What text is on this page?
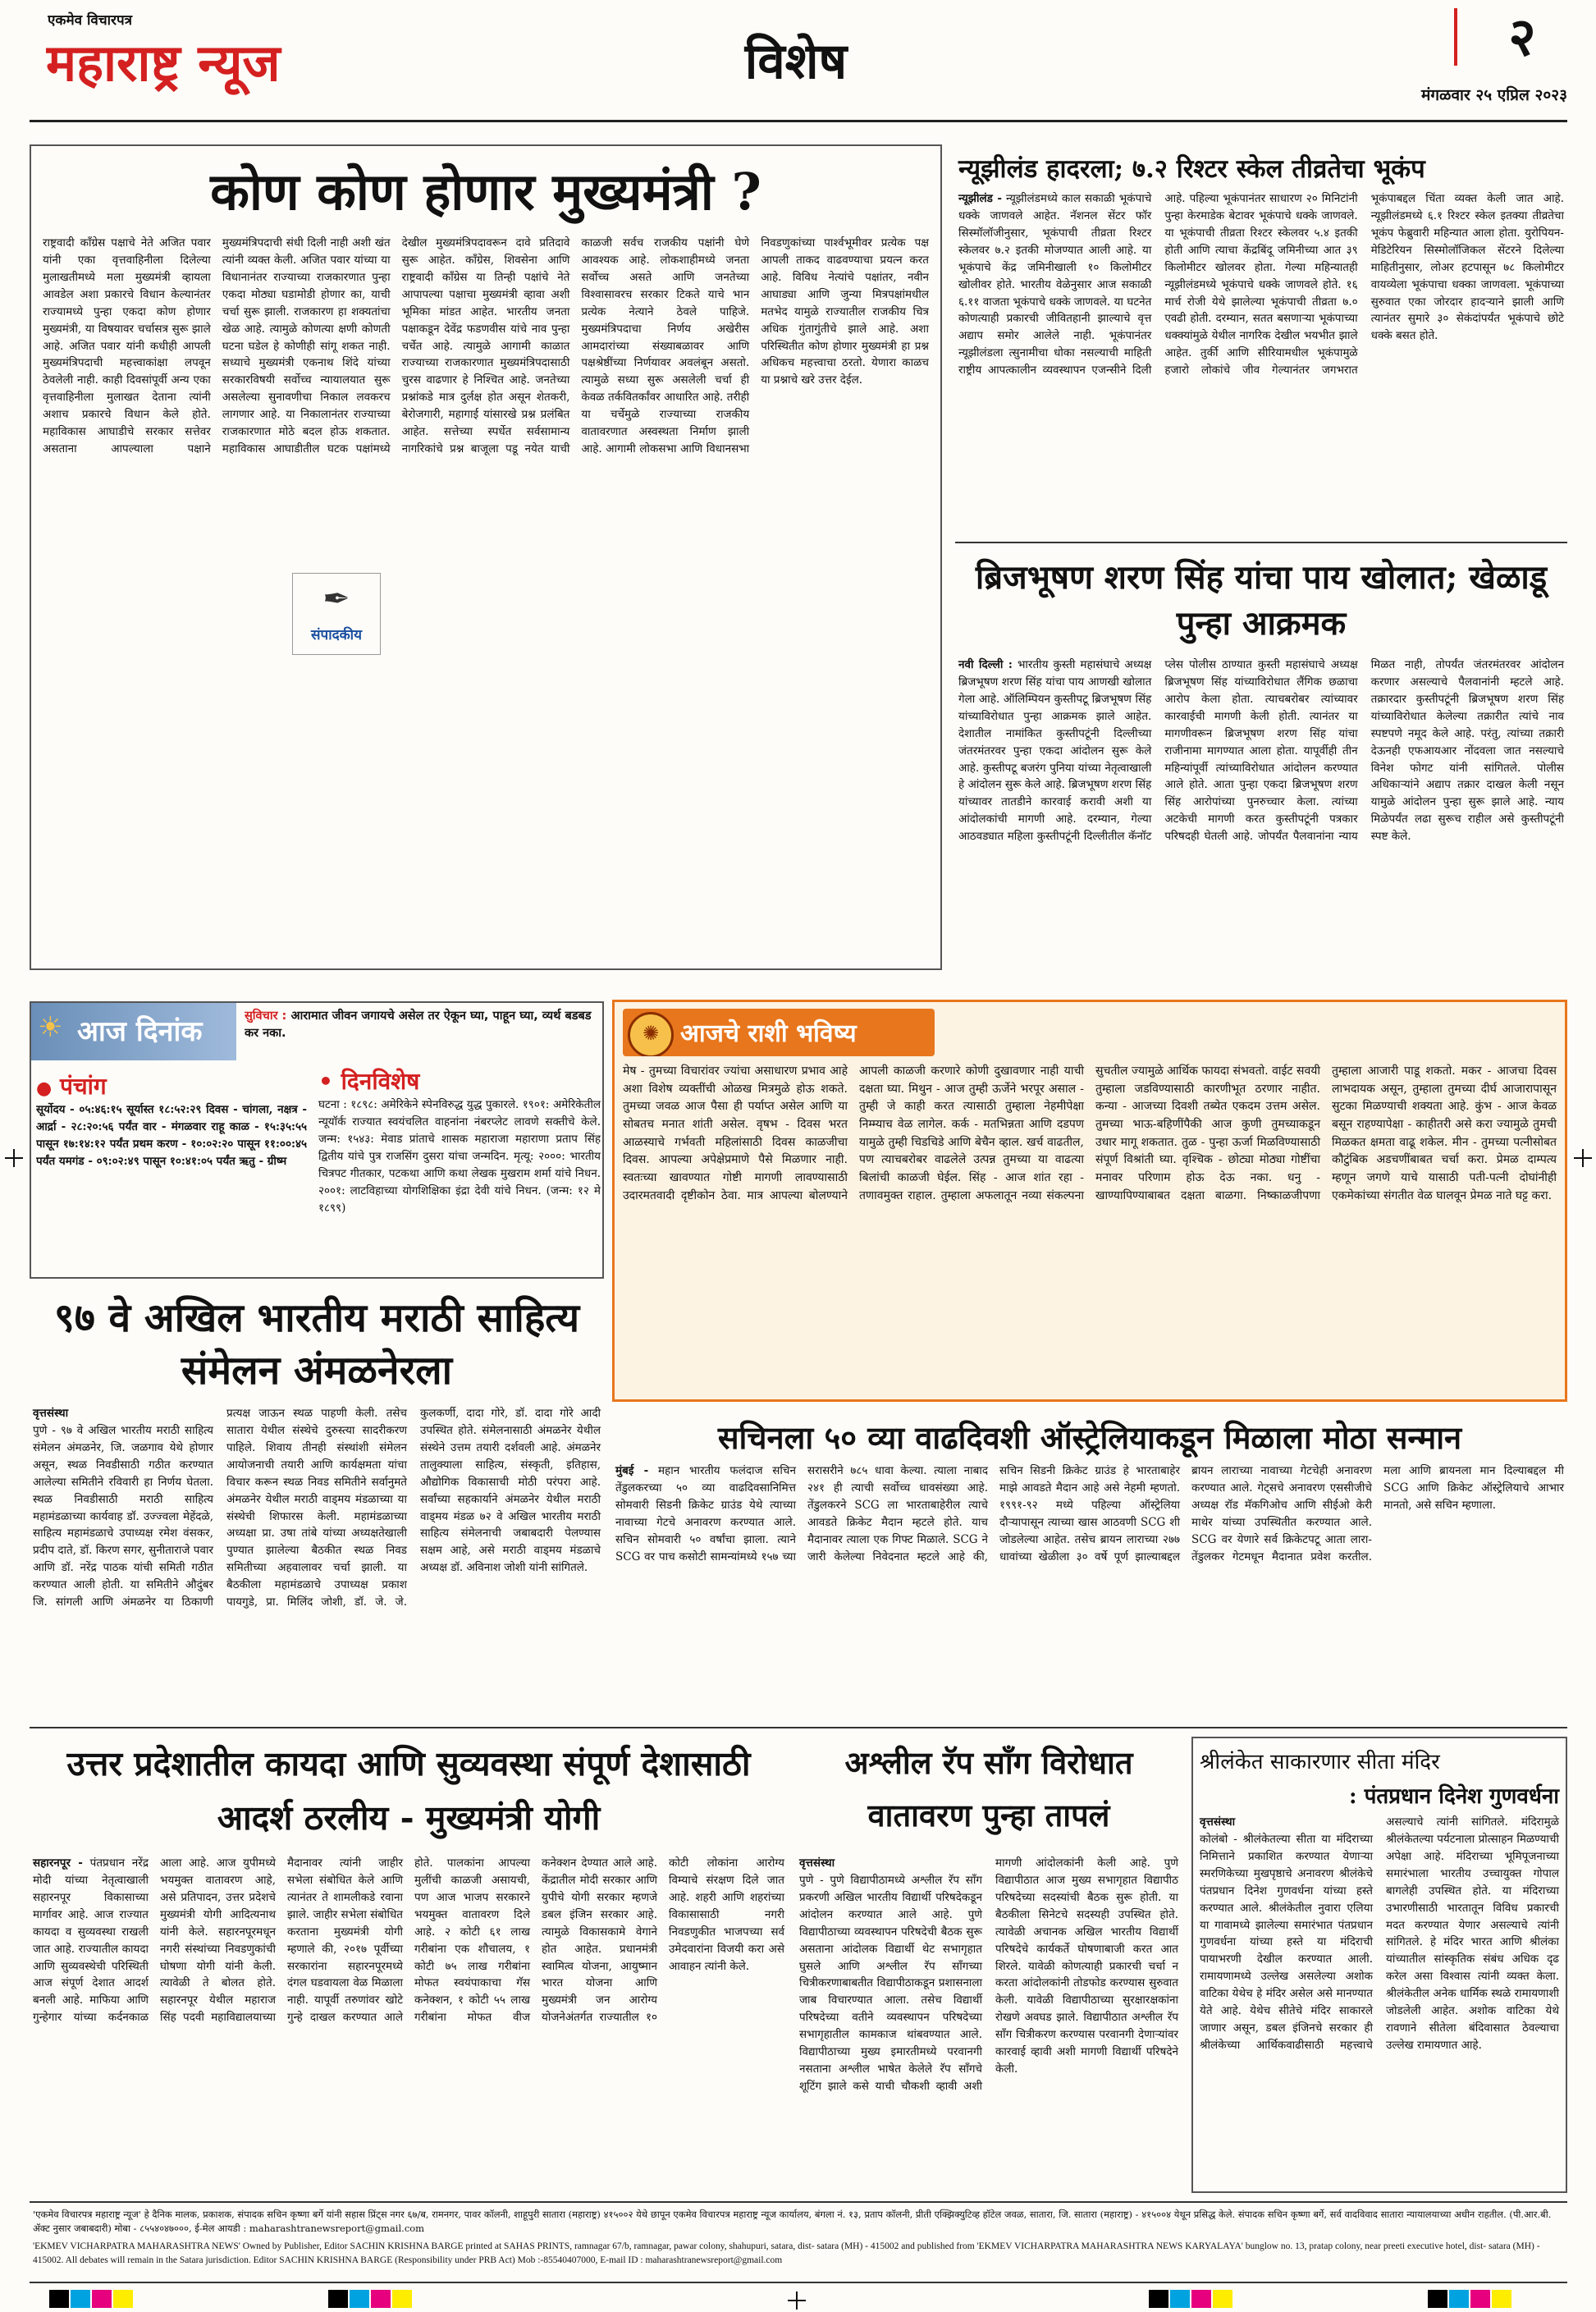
एकमेव विचारपत्र
महाराष्ट्र न्यूज	विशेष	२
मंगळवार २५ एप्रिल २०२३
कोण कोण होणार मुख्यमंत्री ?
✒
संपादकीय
राष्ट्रवादी काँग्रेस पक्षाचे नेते अजित पवार यांनी एका वृत्तवाहिनीला दिलेल्या मुलाखतीमध्ये मला मुख्यमंत्री व्हायला आवडेल अशा प्रकारचे विधान केल्यानंतर राज्यामध्ये पुन्हा एकदा कोण होणार मुख्यमंत्री, या विषयावर चर्चासत्र सुरू झाले आहे. अजित पवार यांनी कधीही आपली मुख्यमंत्रिपदाची महत्त्वाकांक्षा लपवून ठेवलेली नाही. काही दिवसांपूर्वी अन्य एका वृत्तवाहिनीला मुलाखत देताना त्यांनी अशाच प्रकारचे विधान केले होते. महाविकास आघाडीचे सरकार सत्तेवर असताना आपल्याला पक्षाने मुख्यमंत्रिपदाची संधी दिली नाही अशी खंत त्यांनी व्यक्त केली. अजित पवार यांच्या या विधानानंतर राज्याच्या राजकारणात पुन्हा एकदा मोठ्या घडामोडी होणार का, याची चर्चा सुरू झाली. राजकारण हा शक्यतांचा खेळ आहे. त्यामुळे कोणत्या क्षणी कोणती घटना घडेल हे कोणीही सांगू शकत नाही. सध्याचे मुख्यमंत्री एकनाथ शिंदे यांच्या सरकारविषयी सर्वोच्च न्यायालयात सुरू असलेल्या सुनावणीचा निकाल लवकरच लागणार आहे. या निकालानंतर राज्याच्या राजकारणात मोठे बदल होऊ शकतात. महाविकास आघाडीतील घटक पक्षांमध्ये देखील मुख्यमंत्रिपदावरून दावे प्रतिदावे सुरू आहेत. काँग्रेस, शिवसेना आणि राष्ट्रवादी काँग्रेस या तिन्ही पक्षांचे नेते आपापल्या पक्षाचा मुख्यमंत्री व्हावा अशी भूमिका मांडत आहेत. भारतीय जनता पक्षाकडून देवेंद्र फडणवीस यांचे नाव पुन्हा चर्चेत आहे. त्यामुळे आगामी काळात राज्याच्या राजकारणात मुख्यमंत्रिपदासाठी चुरस वाढणार हे निश्चित आहे. जनतेच्या प्रश्नांकडे मात्र दुर्लक्ष होत असून शेतकरी, बेरोजगारी, महागाई यांसारखे प्रश्न प्रलंबित आहेत. सत्तेच्या स्पर्धेत सर्वसामान्य नागरिकांचे प्रश्न बाजूला पडू नयेत याची काळजी सर्वच राजकीय पक्षांनी घेणे आवश्यक आहे. लोकशाहीमध्ये जनता सर्वोच्च असते आणि जनतेच्या विश्वासावरच सरकार टिकते याचे भान प्रत्येक नेत्याने ठेवले पाहिजे. मुख्यमंत्रिपदाचा निर्णय अखेरीस आमदारांच्या संख्याबळावर आणि पक्षश्रेष्ठींच्या निर्णयावर अवलंबून असतो. त्यामुळे सध्या सुरू असलेली चर्चा ही केवळ तर्कवितर्कांवर आधारित आहे. तरीही या चर्चेमुळे राज्याच्या राजकीय वातावरणात अस्वस्थता निर्माण झाली आहे. आगामी लोकसभा आणि विधानसभा निवडणुकांच्या पार्श्वभूमीवर प्रत्येक पक्ष आपली ताकद वाढवण्याचा प्रयत्न करत आहे. विविध नेत्यांचे पक्षांतर, नवीन आघाड्या आणि जुन्या मित्रपक्षांमधील मतभेद यामुळे राज्यातील राजकीय चित्र अधिक गुंतागुंतीचे झाले आहे. अशा परिस्थितीत कोण होणार मुख्यमंत्री हा प्रश्न अधिकच महत्त्वाचा ठरतो. येणारा काळच या प्रश्नाचे खरे उत्तर देईल.
न्यूझीलंड हादरला; ७.२ रिश्टर स्केल तीव्रतेचा भूकंप
न्यूझीलंड - न्यूझीलंडमध्ये काल सकाळी भूकंपाचे धक्के जाणवले आहेत. नॅशनल सेंटर फॉर सिस्मॉलॉजीनुसार, भूकंपाची तीव्रता रिश्टर स्केलवर ७.२ इतकी मोजण्यात आली आहे. या भूकंपाचे केंद्र जमिनीखाली १० किलोमीटर खोलीवर होते. भारतीय वेळेनुसार आज सकाळी ६.११ वाजता भूकंपाचे धक्के जाणवले. या घटनेत कोणत्याही प्रकारची जीवितहानी झाल्याचे वृत्त अद्याप समोर आलेले नाही. भूकंपानंतर न्यूझीलंडला त्सुनामीचा धोका नसल्याची माहिती राष्ट्रीय आपत्कालीन व्यवस्थापन एजन्सीने दिली आहे. पहिल्या भूकंपानंतर साधारण २० मिनिटांनी पुन्हा केरमाडेक बेटावर भूकंपाचे धक्के जाणवले. या भूकंपाची तीव्रता रिश्टर स्केलवर ५.४ इतकी होती आणि त्याचा केंद्रबिंदू जमिनीच्या आत ३९ किलोमीटर खोलवर होता. गेल्या महिन्यातही न्यूझीलंडमध्ये भूकंपाचे धक्के जाणवले होते. १६ मार्च रोजी येथे झालेल्या भूकंपाची तीव्रता ७.० एवढी होती. दरम्यान, सतत बसणाऱ्या भूकंपाच्या धक्क्यांमुळे येथील नागरिक देखील भयभीत झाले आहेत. तुर्की आणि सीरियामधील भूकंपामुळे हजारो लोकांचे जीव गेल्यानंतर जगभरात भूकंपाबद्दल चिंता व्यक्त केली जात आहे. न्यूझीलंडमध्ये ६.१ रिश्टर स्केल इतक्या तीव्रतेचा भूकंप फेब्रुवारी महिन्यात आला होता. युरोपियन-मेडिटेरियन सिस्मोलॉजिकल सेंटरने दिलेल्या माहितीनुसार, लोअर हटपासून ७८ किलोमीटर वायव्येला भूकंपाचा धक्का जाणवला. भूकंपाच्या सुरुवात एका जोरदार हादऱ्याने झाली आणि त्यानंतर सुमारे ३० सेकंदांपर्यंत भूकंपाचे छोटे धक्के बसत होते.
ब्रिजभूषण शरण सिंह यांचा पाय खोलात; खेळाडू पुन्हा आक्रमक
नवी दिल्ली : भारतीय कुस्ती महासंघाचे अध्यक्ष ब्रिजभूषण शरण सिंह यांचा पाय आणखी खोलात गेला आहे. ऑलिम्पियन कुस्तीपटू ब्रिजभूषण सिंह यांच्याविरोधात पुन्हा आक्रमक झाले आहेत. देशातील नामांकित कुस्तीपटूंनी दिल्लीच्या जंतरमंतरवर पुन्हा एकदा आंदोलन सुरू केले आहे. कुस्तीपटू बजरंग पुनिया यांच्या नेतृत्वाखाली हे आंदोलन सुरू केले आहे. ब्रिजभूषण शरण सिंह यांच्यावर तातडीने कारवाई करावी अशी या आंदोलकांची मागणी आहे. दरम्यान, गेल्या आठवड्यात महिला कुस्तीपटूंनी दिल्लीतील कॅनॉट प्लेस पोलीस ठाण्यात कुस्ती महासंघाचे अध्यक्ष ब्रिजभूषण सिंह यांच्याविरोधात लैंगिक छळाचा आरोप केला होता. त्याचबरोबर त्यांच्यावर कारवाईची मागणी केली होती. त्यानंतर या मागणीवरून ब्रिजभूषण शरण सिंह यांचा राजीनामा मागण्यात आला होता. यापूर्वीही तीन महिन्यांपूर्वी त्यांच्याविरोधात आंदोलन करण्यात आले होते. आता पुन्हा एकदा ब्रिजभूषण शरण सिंह आरोपांच्या पुनरुच्चार केला. त्यांच्या अटकेची मागणी करत कुस्तीपटूंनी पत्रकार परिषदही घेतली आहे. जोपर्यंत पैलवानांना न्याय मिळत नाही, तोपर्यंत जंतरमंतरवर आंदोलन करणार असल्याचे पैलवानांनी म्हटले आहे. तक्रारदार कुस्तीपटूंनी ब्रिजभूषण शरण सिंह यांच्याविरोधात केलेल्या तक्रारीत त्यांचे नाव स्पष्टपणे नमूद केले आहे. परंतु, त्यांच्या तक्रारी देऊनही एफआयआर नोंदवला जात नसल्याचे विनेश फोगट यांनी सांगितले. पोलीस अधिकाऱ्यांने अद्याप तक्रार दाखल केली नसून यामुळे आंदोलन पुन्हा सुरू झाले आहे. न्याय मिळेपर्यंत लढा सुरूच राहील असे कुस्तीपटूंनी स्पष्ट केले.
☀ आज दिनांक	सुविचार : आरामात जीवन जगायचे असेल तर ऐकून घ्या, पाहून घ्या, व्यर्थ बडबड कर नका.
● पंचांग
सूर्योदय - ०५:४६:१५ सूर्यास्त १८:५२:२९ दिवस - चांगला, नक्षत्र - आर्द्रा - २८:२०:५६ पर्यंत वार - मंगळवार राहू काळ - १५:३५:५५ पासून १७:१४:१२ पर्यंत प्रथम करण - १०:०२:२० पासून ११:००:४५ पर्यंत यमगंड - ०९:०२:४९ पासून १०:४१:०५ पर्यंत ऋतु - ग्रीष्म
• दिनविशेष
घटना : १८९८: अमेरिकेने स्पेनविरुद्ध युद्ध पुकारले. १९०१: अमेरिकेतील न्यूयॉर्क राज्यात स्वयंचलित वाहनांना नंबरप्लेट लावणे सक्तीचे केले. जन्म: १५४३: मेवाड प्रांताचे शासक महाराजा महाराणा प्रताप सिंह द्वितीय यांचे पुत्र राजसिंग दुसरा यांचा जन्मदिन. मृत्यू: २०००: भारतीय चित्रपट गीतकार, पटकथा आणि कथा लेखक मुखराम शर्मा यांचे निधन. २००१: लाटविहाच्या योगशिक्षिका इंद्रा देवी यांचे निधन. (जन्म: १२ मे १८९९)
✺ आजचे राशी भविष्य
मेष - तुमच्या विचारांवर ज्यांचा असाधारण प्रभाव आहे अशा विशेष व्यक्तींची ओळख मित्रमुळे होऊ शकते. तुमच्या जवळ आज पैसा ही पर्याप्त असेल आणि या सोबतच मनात शांती असेल. वृषभ - दिवस भरत आळस्याचे गर्भवती महिलांसाठी दिवस काळजीचा दिवस. आपल्या अपेक्षेप्रमाणे पैसे मिळणार नाही. स्वतःच्या खावण्यात गोष्टी मागणी लावण्यासाठी उदारमतवादी दृष्टीकोन ठेवा. मात्र आपल्या बोलण्याने आपली काळजी करणारे कोणी दुखावणार नाही याची दक्षता घ्या. मिथुन - आज तुम्ही ऊर्जेने भरपूर असाल - तुम्ही जे काही करत त्यासाठी तुम्हाला नेहमीपेक्षा निम्म्याच वेळ लागेल. कर्क - मतभिन्नता आणि दडपण यामुळे तुम्ही चिडचिडे आणि बेचैन व्हाल. खर्च वाढतील, पण त्याचबरोबर वाढलेले उत्पन्न तुमच्या या वाढत्या बिलांची काळजी घेईल. सिंह - आज शांत रहा - तणावमुक्त राहाल. तुम्हाला अफलातून नव्या संकल्पना सुचतील ज्यामुळे आर्थिक फायदा संभवतो. वाईट सवयी तुम्हाला जडविण्यासाठी कारणीभूत ठरणार नाहीत. कन्या - आजच्या दिवशी तब्येत एकदम उत्तम असेल. तुमच्या भाऊ-बहिणींपैकी आज कुणी तुमच्याकडून उधार मागू शकतात. तुळ - पुन्हा ऊर्जा मिळविण्यासाठी संपूर्ण विश्रांती घ्या. वृश्चिक - छोट्या मोठ्या गोष्टींचा मनावर परिणाम होऊ देऊ नका. धनु - खाण्यापिण्याबाबत दक्षता बाळगा. निष्काळजीपणा तुम्हाला आजारी पाडू शकतो. मकर - आजचा दिवस लाभदायक असून, तुम्हाला तुमच्या दीर्घ आजारापासून सुटका मिळण्याची शक्यता आहे. कुंभ - आज केवळ बसून राहण्यापेक्षा - काहीतरी असे करा ज्यामुळे तुमची मिळकत क्षमता वाढू शकेल. मीन - तुमच्या पत्नीसोबत कौटुंबिक अडचणींबाबत चर्चा करा. प्रेमळ दाम्पत्य म्हणून जगणे याचे यासाठी पती-पत्नी दोघांनीही एकमेकांच्या संगतीत वेळ घालवून प्रेमळ नाते घट्ट करा.
९७ वे अखिल भारतीय मराठी साहित्य संमेलन अंमळनेरला
वृत्तसंस्था
पुणे - ९७ वे अखिल भारतीय मराठी साहित्य संमेलन अंमळनेर, जि. जळगाव येथे होणार असून, स्थळ निवडीसाठी गठीत करण्यात आलेल्या समितीने रविवारी हा निर्णय घेतला. स्थळ निवडीसाठी मराठी साहित्य महामंडळाच्या कार्यवाह डॉ. उज्ज्वला मेहेंदळे, साहित्य महामंडळाचे उपाध्यक्ष रमेश वंसकर, प्रदीप दाते, डॉ. किरण सगर, सुनीताराजे पवार आणि डॉ. नरेंद्र पाठक यांची समिती गठीत करण्यात आली होती. या समितीने औदुंबर जि. सांगली आणि अंमळनेर या ठिकाणी प्रत्यक्ष जाऊन स्थळ पाहणी केली. तसेच सातारा येथील संस्थेचे दुरुस्त्या सादरीकरण पाहिले. शिवाय तीनही संस्थांशी संमेलन आयोजनाची तयारी आणि कार्यक्षमता यांचा विचार करून स्थळ निवड समितीने सर्वानुमते अंमळनेर येथील मराठी वाड्मय मंडळाच्या या संस्थेची शिफारस केली. महामंडळाच्या अध्यक्षा प्रा. उषा तांबे यांच्या अध्यक्षतेखाली पुण्यात झालेल्या बैठकीत स्थळ निवड समितीच्या अहवालावर चर्चा झाली. या बैठकीला महामंडळाचे उपाध्यक्ष प्रकाश पायगुडे, प्रा. मिलिंद जोशी, डॉ. जे. जे. कुलकर्णी, दादा गोरे, डॉ. दादा गोरे आदी उपस्थित होते. संमेलनासाठी अंमळनेर येथील संस्थेने उत्तम तयारी दर्शवली आहे. अंमळनेर तालुक्याला साहित्य, संस्कृती, इतिहास, औद्योगिक विकासाची मोठी परंपरा आहे. सर्वांच्या सहकार्याने अंमळनेर येथील मराठी वाड्मय मंडळ ७२ वे अखिल भारतीय मराठी साहित्य संमेलनाची जबाबदारी पेलण्यास सक्षम आहे, असे मराठी वाड्मय मंडळाचे अध्यक्ष डॉ. अविनाश जोशी यांनी सांगितले.
सचिनला ५० व्या वाढदिवशी ऑस्ट्रेलियाकडून मिळाला मोठा सन्मान
मुंबई - महान भारतीय फलंदाज सचिन तेंडुलकरच्या ५० व्या वाढदिवसानिमित्त सोमवारी सिडनी क्रिकेट ग्राउंड येथे त्याच्या नावाच्या गेटचे अनावरण करण्यात आले. सचिन सोमवारी ५० वर्षांचा झाला. त्याने SCG वर पाच कसोटी सामन्यांमध्ये १५७ च्या सरासरीने ७८५ धावा केल्या. त्याला नाबाद २४१ ही त्याची सर्वोच्च धावसंख्या आहे. तेंडुलकरने SCG ला भारताबाहेरील त्याचे आवडते क्रिकेट मैदान म्हटले होते. याच मैदानावर त्याला एक गिफ्ट मिळाले. SCG ने जारी केलेल्या निवेदनात म्हटले आहे की, सचिन सिडनी क्रिकेट ग्राउंड हे भारताबाहेर माझे आवडते मैदान आहे असे नेहमी म्हणतो. १९९१-९२ मध्ये पहिल्या ऑस्ट्रेलिया दौऱ्यापासून त्याच्या खास आठवणी SCG शी जोडलेल्या आहेत. तसेच ब्रायन लाराच्या २७७ धावांच्या खेळीला ३० वर्षे पूर्ण झाल्याबद्दल ब्रायन लाराच्या नावाच्या गेटचेही अनावरण करण्यात आले. गेट्सचे अनावरण एससीजीचे अध्यक्ष रॉड मॅकगिओच आणि सीईओ केरी माथेर यांच्या उपस्थितीत करण्यात आले. SCG वर येणारे सर्व क्रिकेटपटू आता लारा-तेंडुलकर गेटमधून मैदानात प्रवेश करतील. मला आणि ब्रायनला मान दिल्याबद्दल मी SCG आणि क्रिकेट ऑस्ट्रेलियाचे आभार मानतो, असे सचिन म्हणाला.
उत्तर प्रदेशातील कायदा आणि सुव्यवस्था संपूर्ण देशासाठी आदर्श ठरलीय - मुख्यमंत्री योगी
सहारनपूर - पंतप्रधान नरेंद्र मोदी यांच्या नेतृत्वाखाली सहारनपूर विकासाच्या मार्गावर आहे. आज राज्यात कायदा व सुव्यवस्था राखली जात आहे. राज्यातील कायदा आणि सुव्यवस्थेची परिस्थिती आज संपूर्ण देशात आदर्श बनली आहे. माफिया आणि गुन्हेगार यांच्या कर्दनकाळ आला आहे. आज युपीमध्ये भयमुक्त वातावरण आहे, असे प्रतिपादन, उत्तर प्रदेशचे मुख्यमंत्री योगी आदित्यनाथ यांनी केले. सहारनपूरमधून नगरी संस्थांच्या निवडणुकांची घोषणा योगी यांनी केली. त्यावेळी ते बोलत होते. सहारनपूर येथील महाराज सिंह पदवी महाविद्यालयाच्या मैदानावर त्यांनी जाहीर सभेला संबोधित केले आणि त्यानंतर ते शामलीकडे रवाना झाले. जाहीर सभेला संबोधित करताना मुख्यमंत्री योगी म्हणाले की, २०१७ पूर्वीच्या सरकारांना सहारनपूरमध्ये दंगल घडवायला वेळ मिळाला नाही. यापूर्वी तरुणांवर खोटे गुन्हे दाखल करण्यात आले होते. पालकांना आपल्या मुलींची काळजी असायची, पण आज भाजप सरकारने भयमुक्त वातावरण दिले आहे. २ कोटी ६१ लाख गरीबांना एक शौचालय, १ कोटी ७५ लाख गरीबांना मोफत स्वयंपाकाचा गॅस कनेक्शन, १ कोटी ५५ लाख गरीबांना मोफत वीज कनेक्शन देण्यात आले आहे. केंद्रातील मोदी सरकार आणि युपीचे योगी सरकार म्हणजे डबल इंजिन सरकार आहे. त्यामुळे विकासकामे वेगाने होत आहेत. प्रधानमंत्री स्वामित्व योजना, आयुष्मान भारत योजना आणि मुख्यमंत्री जन आरोग्य योजनेअंतर्गत राज्यातील १० कोटी लोकांना आरोग्य विम्याचे संरक्षण दिले जात आहे. शहरी आणि शहरांच्या विकासासाठी नगरी निवडणुकीत भाजपच्या सर्व उमेदवारांना विजयी करा असे आवाहन त्यांनी केले.
अश्लील रॅप साँग विरोधात वातावरण पुन्हा तापलं
वृत्तसंस्था
पुणे - पुणे विद्यापीठामध्ये अश्लील रॅप साँग प्रकरणी अखिल भारतीय विद्यार्थी परिषदेकडून आंदोलन करण्यात आले आहे. पुणे विद्यापीठाच्या व्यवस्थापन परिषदेची बैठक सुरू असताना आंदोलक विद्यार्थी थेट सभागृहात घुसले आणि अश्लील रॅप साँगच्या चित्रीकरणाबाबतीत विद्यापीठाकडून प्रशासनाला जाब विचारण्यात आला. तसेच विद्यार्थी परिषदेच्या वतीने व्यवस्थापन परिषदेच्या सभागृहातील कामकाज थांबवण्यात आले. विद्यापीठाच्या मुख्य इमारतीमध्ये परवानगी नसताना अश्लील भाषेत केलेले रॅप साँगचे शूटिंग झाले कसे याची चौकशी व्हावी अशी मागणी आंदोलकांनी केली आहे. पुणे विद्यापीठात आज मुख्य सभागृहात विद्यापीठ परिषदेच्या सदस्यांची बैठक सुरू होती. या बैठकीला सिनेटचे सदस्यही उपस्थित होते. त्यावेळी अचानक अखिल भारतीय विद्यार्थी परिषदेचे कार्यकर्ते घोषणाबाजी करत आत शिरले. यावेळी कोणत्याही प्रकारची चर्चा न करता आंदोलकांनी तोडफोड करण्यास सुरुवात केली. यावेळी विद्यापीठाच्या सुरक्षारक्षकांना रोखणे अवघड झाले. विद्यापीठात अश्लील रॅप साँग चित्रीकरण करण्यास परवानगी देणाऱ्यांवर कारवाई व्हावी अशी मागणी विद्यार्थी परिषदेने केली.
श्रीलंकेत साकारणार सीता मंदिर
: पंतप्रधान दिनेश गुणवर्धना
वृत्तसंस्था
कोलंबो - श्रीलंकेतल्या सीता या मंदिराच्या निमित्ताने प्रकाशित करण्यात येणाऱ्या स्मरणिकेच्या मुखपृष्ठाचे अनावरण श्रीलंकेचे पंतप्रधान दिनेश गुणवर्धना यांच्या हस्ते करण्यात आले. श्रीलंकेतील नुवारा एलिया या गावामध्ये झालेल्या समारंभात पंतप्रधान गुणवर्धना यांच्या हस्ते या मंदिराची पायाभरणी देखील करण्यात आली. रामायणामध्ये उल्लेख असलेल्या अशोक वाटिका येथेच हे मंदिर असेल असे मानण्यात येते आहे. येथेच सीतेचे मंदिर साकारले जाणार असून, डबल इंजिनचे सरकार ही श्रीलंकेच्या आर्थिकवाढीसाठी महत्त्वाचे असल्याचे त्यांनी सांगितले. मंदिरामुळे श्रीलंकेतल्या पर्यटनाला प्रोत्साहन मिळण्याची अपेक्षा आहे. मंदिराच्या भूमिपूजनाच्या समारंभाला भारतीय उच्चायुक्त गोपाल बागलेही उपस्थित होते. या मंदिराच्या उभारणीसाठी भारतातून विविध प्रकारची मदत करण्यात येणार असल्याचे त्यांनी सांगितले. हे मंदिर भारत आणि श्रीलंका यांच्यातील सांस्कृतिक संबंध अधिक दृढ करेल असा विश्वास त्यांनी व्यक्त केला. श्रीलंकेतील अनेक धार्मिक स्थळे रामायणाशी जोडलेली आहेत. अशोक वाटिका येथे रावणाने सीतेला बंदिवासात ठेवल्याचा उल्लेख रामायणात आहे.
'एकमेव विचारपत्र महाराष्ट्र न्यूज' हे दैनिक मालक, प्रकाशक, संपादक सचिन कृष्णा बर्गे यांनी सहास प्रिंट्स नगर ६७/ब, रामनगर, पावर कॉलनी, शाहूपुरी सातारा (महाराष्ट्र) ४१५००२ येथे छापून एकमेव विचारपत्र महाराष्ट्र न्यूज कार्यालय, बंगला नं. १३, प्रताप कॉलनी, प्रीती एक्झिक्युटिव्ह हॉटेल जवळ, सातारा, जि. सातारा (महाराष्ट्र) - ४१५००४ येथून प्रसिद्ध केले. संपादक सचिन कृष्णा बर्गे, सर्व वादविवाद सातारा न्यायालयाच्या अधीन राहतील. (पी.आर.बी. ॲक्ट नुसार जबाबदारी) मोबा - ८५५४०४७०००, ई-मेल आयडी : maharashtranewsreport@gmail.com
'EKMEV VICHARPATRA MAHARASHTRA NEWS' Owned by Publisher, Editor SACHIN KRISHNA BARGE printed at SAHAS PRINTS, ramnagar 67/b, ramnagar, pawar colony, shahupuri, satara, dist- satara (MH) - 415002 and published from 'EKMEV VICHARPATRA MAHARASHTRA NEWS KARYALAYA' bunglow no. 13, pratap colony, near preeti executive hotel, dist- satara (MH) - 415002. All debates will remain in the Satara jurisdiction. Editor SACHIN KRISHNA BARGE (Responsibility under PRB Act) Mob :-85540407000, E-mail ID : maharashtranewsreport@gmail.com
